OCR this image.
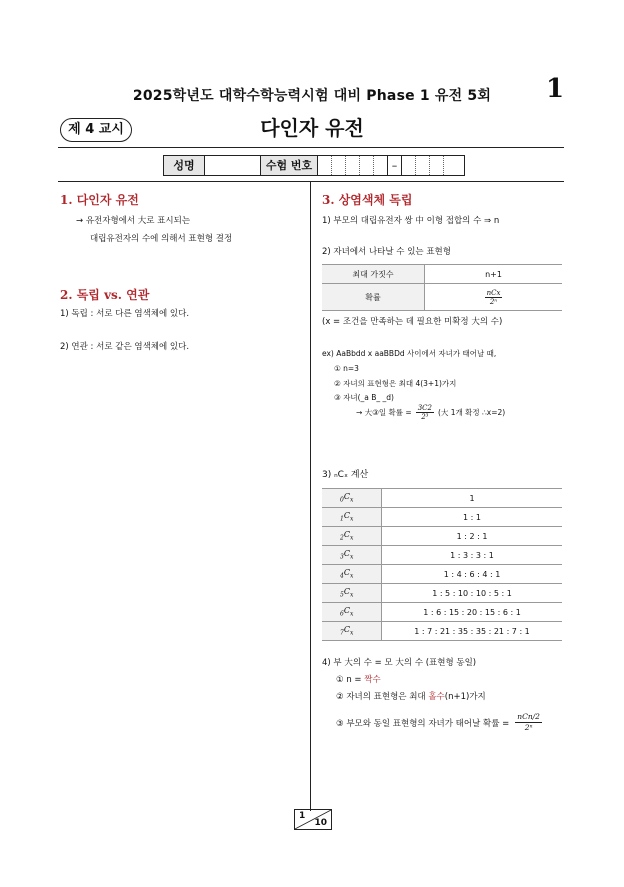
2025학년도 대학수학능력시험 대비 Phase 1 유전 5회	1
제 4 교시	다인자 유전
성명	수험 번호	–
1. 다인자 유전
→ 유전자형에서 大로 표시되는
대립유전자의 수에 의해서 표현형 결정
2. 독립 vs. 연관
1) 독립 : 서로 다른 염색체에 있다.
2) 연관 : 서로 같은 염색체에 있다.
3. 상염색체 독립
1) 부모의 대립유전자 쌍 中 이형 접합의 수 ⇒ n
2) 자녀에서 나타날 수 있는 표현형
최대 가짓수	n+1
확률	$\frac{\text{nCx}}{\text{2ⁿ}}$
(x = 조건을 만족하는 데 필요한 미확정 大의 수)
ex) AaBbdd x aaBBDd 사이에서 자녀가 태어날 때,
① n=3
② 자녀의 표현형은 최대 4(3+1)가지
③ 자녀(_a B_ _d)
→ 大③일 확률 = $\frac{3C2}{\text{2³}}$ (大 1개 확정 ∴x=2)
3) ₙCₓ 계산
$_0C_x$	1
$_1C_x$	1 : 1
$_2C_x$	1 : 2 : 1
$_3C_x$	1 : 3 : 3 : 1
$_4C_x$	1 : 4 : 6 : 4 : 1
$_5C_x$	1 : 5 : 10 : 10 : 5 : 1
$_6C_x$	1 : 6 : 15 : 20 : 15 : 6 : 1
$_7C_x$	1 : 7 : 21 : 35 : 35 : 21 : 7 : 1
4) 부 大의 수 = 모 大의 수 (표현형 동일)
① n = 짝수
② 자녀의 표현형은 최대 홀수(n+1)가지
③ 부모와 동일 표현형의 자녀가 태어날 확률 = $\frac{\text{nCn/2}}{\text{2ⁿ}}$
1
10
